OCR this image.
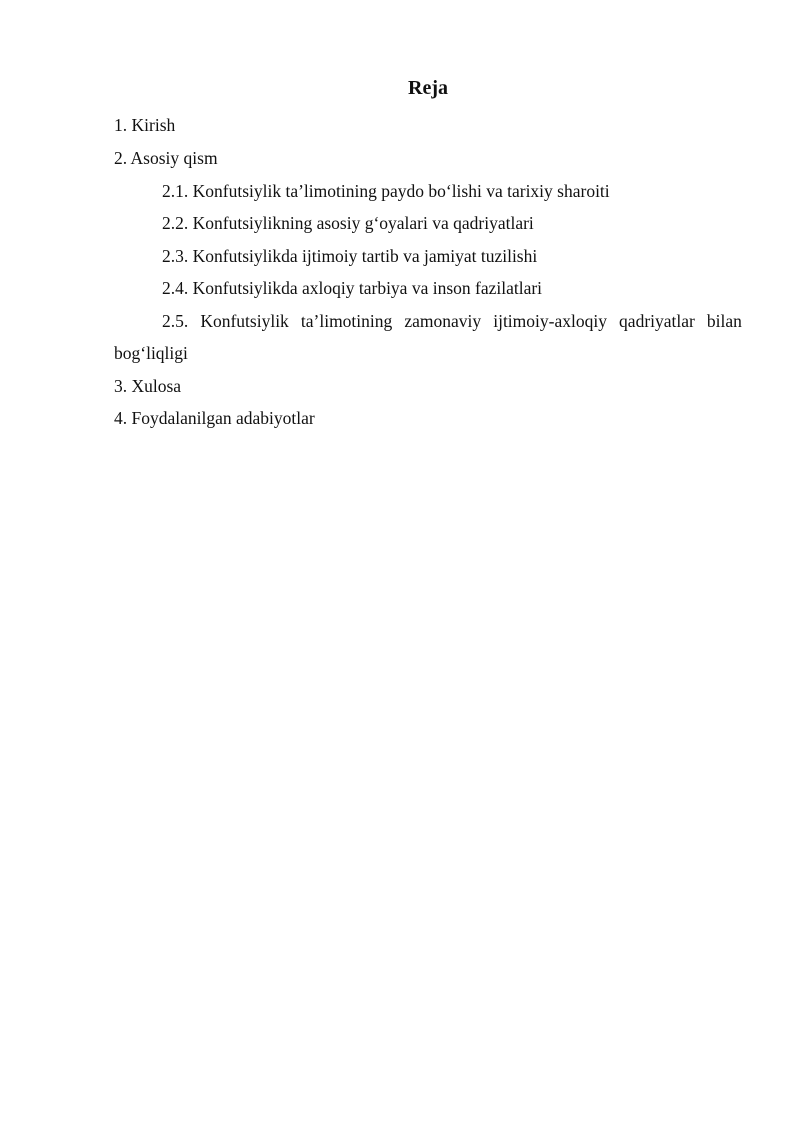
Reja
1. Kirish
2. Asosiy qism
2.1. Konfutsiylik ta’limotining paydo bo‘lishi va tarixiy sharoiti
2.2. Konfutsiylikning asosiy g‘oyalari va qadriyatlari
2.3. Konfutsiylikda ijtimoiy tartib va jamiyat tuzilishi
2.4. Konfutsiylikda axloqiy tarbiya va inson fazilatlari
2.5. Konfutsiylik ta’limotining zamonaviy ijtimoiy-axloqiy qadriyatlar bilan
bog‘liqligi
3. Xulosa
4. Foydalanilgan adabiyotlar
